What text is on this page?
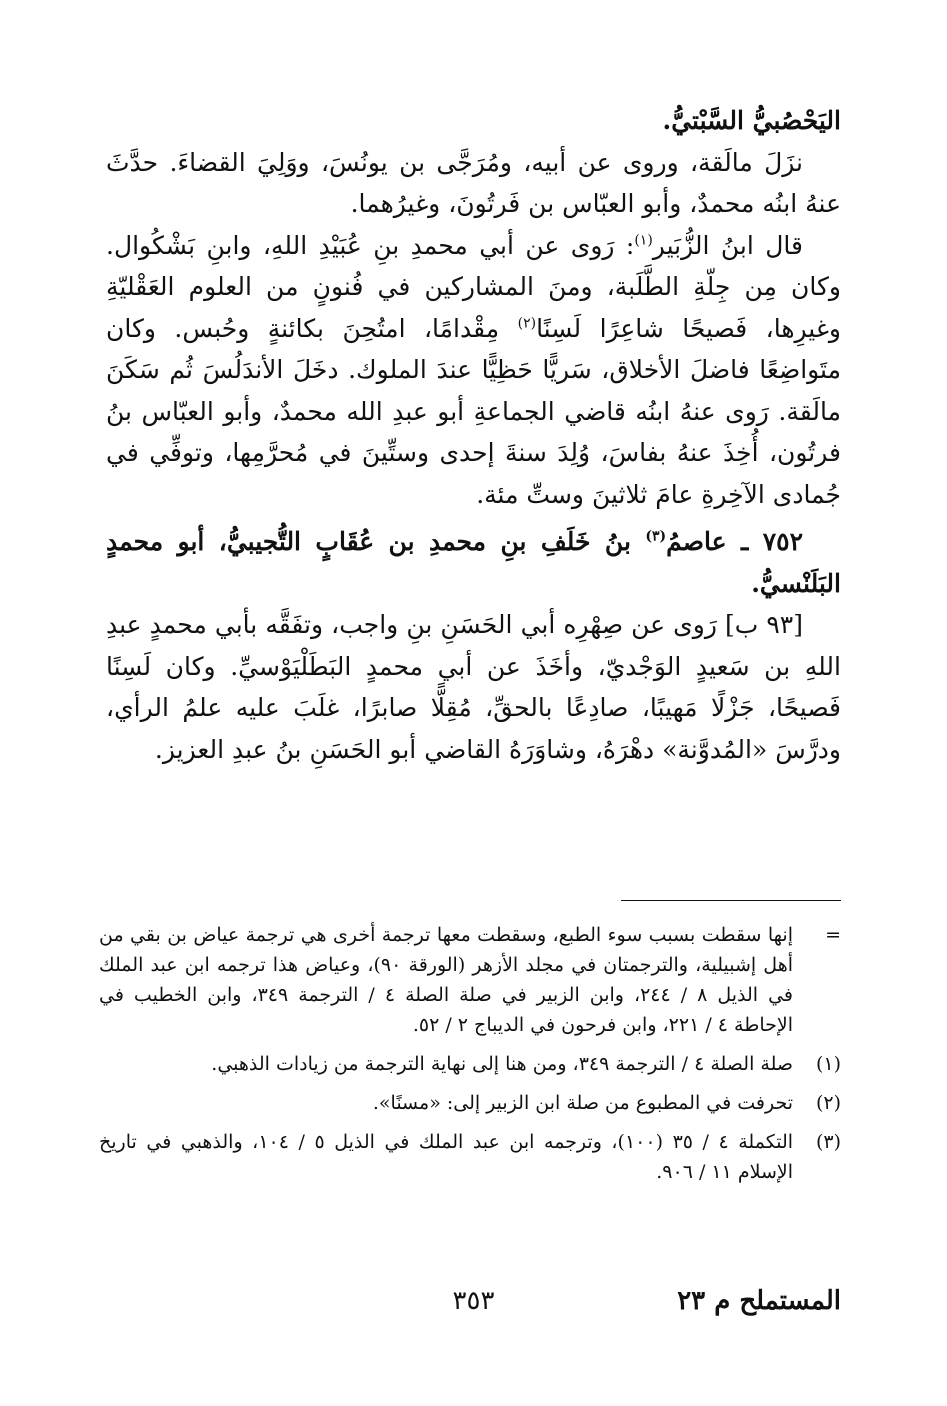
اليَحْصُبيُّ السَّبْتيُّ.

نزَلَ مالَقة، وروى عن أبيه، ومُرَجَّى بن يونُسَ، ووَلِيَ القضاءَ. حدَّثَ عنهُ ابنُه محمدٌ، وأبو العبّاس بن فَرتُونَ، وغيرُهما.

قال ابنُ الزُّبَير$^{(١)}$: رَوى عن أبي محمدِ بنِ عُبَيْدِ اللهِ، وابنِ بَشْكُوال. وكان مِن جِلّةِ الطَّلَبة، ومنَ المشاركين في فُنونٍ من العلوم العَقْليّةِ وغيرِها، فَصيحًا شاعِرًا لَسِنًا$^{(٢)}$ مِقْدامًا، امتُحِنَ بكائنةٍ وحُبس. وكان متَواضِعًا فاضلَ الأخلاق، سَريًّا حَظِيًّا عندَ الملوك. دخَلَ الأندَلُسَ ثُم سَكَنَ مالَقة. رَوى عنهُ ابنُه قاضي الجماعةِ أبو عبدِ الله محمدٌ، وأبو العبّاس بنُ فرتُون، أُخِذَ عنهُ بفاسَ، وُلِدَ سنةَ إحدى وستِّينَ في مُحرَّمِها، وتوفِّي في جُمادى الآخِرةِ عامَ ثلاثينَ وستِّ مئة.

٧٥٢ ـ عاصمُ$^{(٣)}$ بنُ خَلَفِ بنِ محمدِ بن عُقَابٍ التُّجيبيُّ، أبو محمدٍ البَلَنْسيُّ.

[٩٣ ب] رَوى عن صِهْرِه أبي الحَسَنِ بنِ واجب، وتفَقَّه بأبي محمدٍ عبدِ اللهِ بن سَعيدٍ الوَجْديّ، وأخَذَ عن أبي محمدٍ البَطَلْيَوْسيِّ. وكان لَسِنًا فَصيحًا، جَزْلًا مَهيبًا، صادِعًا بالحقِّ، مُقِلًّا صابرًا، غلَبَ عليه علمُ الرأي، ودرَّسَ «المُدوَّنة» دهْرَهُ، وشاوَرَهُ القاضي أبو الحَسَنِ بنُ عبدِ العزيز.

=
إنها سقطت بسبب سوء الطبع، وسقطت معها ترجمة أخرى هي ترجمة عياض بن بقي من أهل إشبيلية، والترجمتان في مجلد الأزهر (الورقة ٩٠)، وعياض هذا ترجمه ابن عبد الملك في الذيل ٨ / ٢٤٤، وابن الزبير في صلة الصلة ٤ / الترجمة ٣٤٩، وابن الخطيب في الإحاطة ٤ / ٢٢١، وابن فرحون في الديباج ٢ / ٥٢.
(١)
صلة الصلة ٤ / الترجمة ٣٤٩، ومن هنا إلى نهاية الترجمة من زيادات الذهبي.
(٢)
تحرفت في المطبوع من صلة ابن الزبير إلى: «مسنًا».
(٣)
التكملة ٤ / ٣٥ (١٠٠)، وترجمه ابن عبد الملك في الذيل ٥ / ١٠٤، والذهبي في تاريخ الإسلام ١١ / ٩٠٦.
المستملح م ٢٣
٣٥٣
